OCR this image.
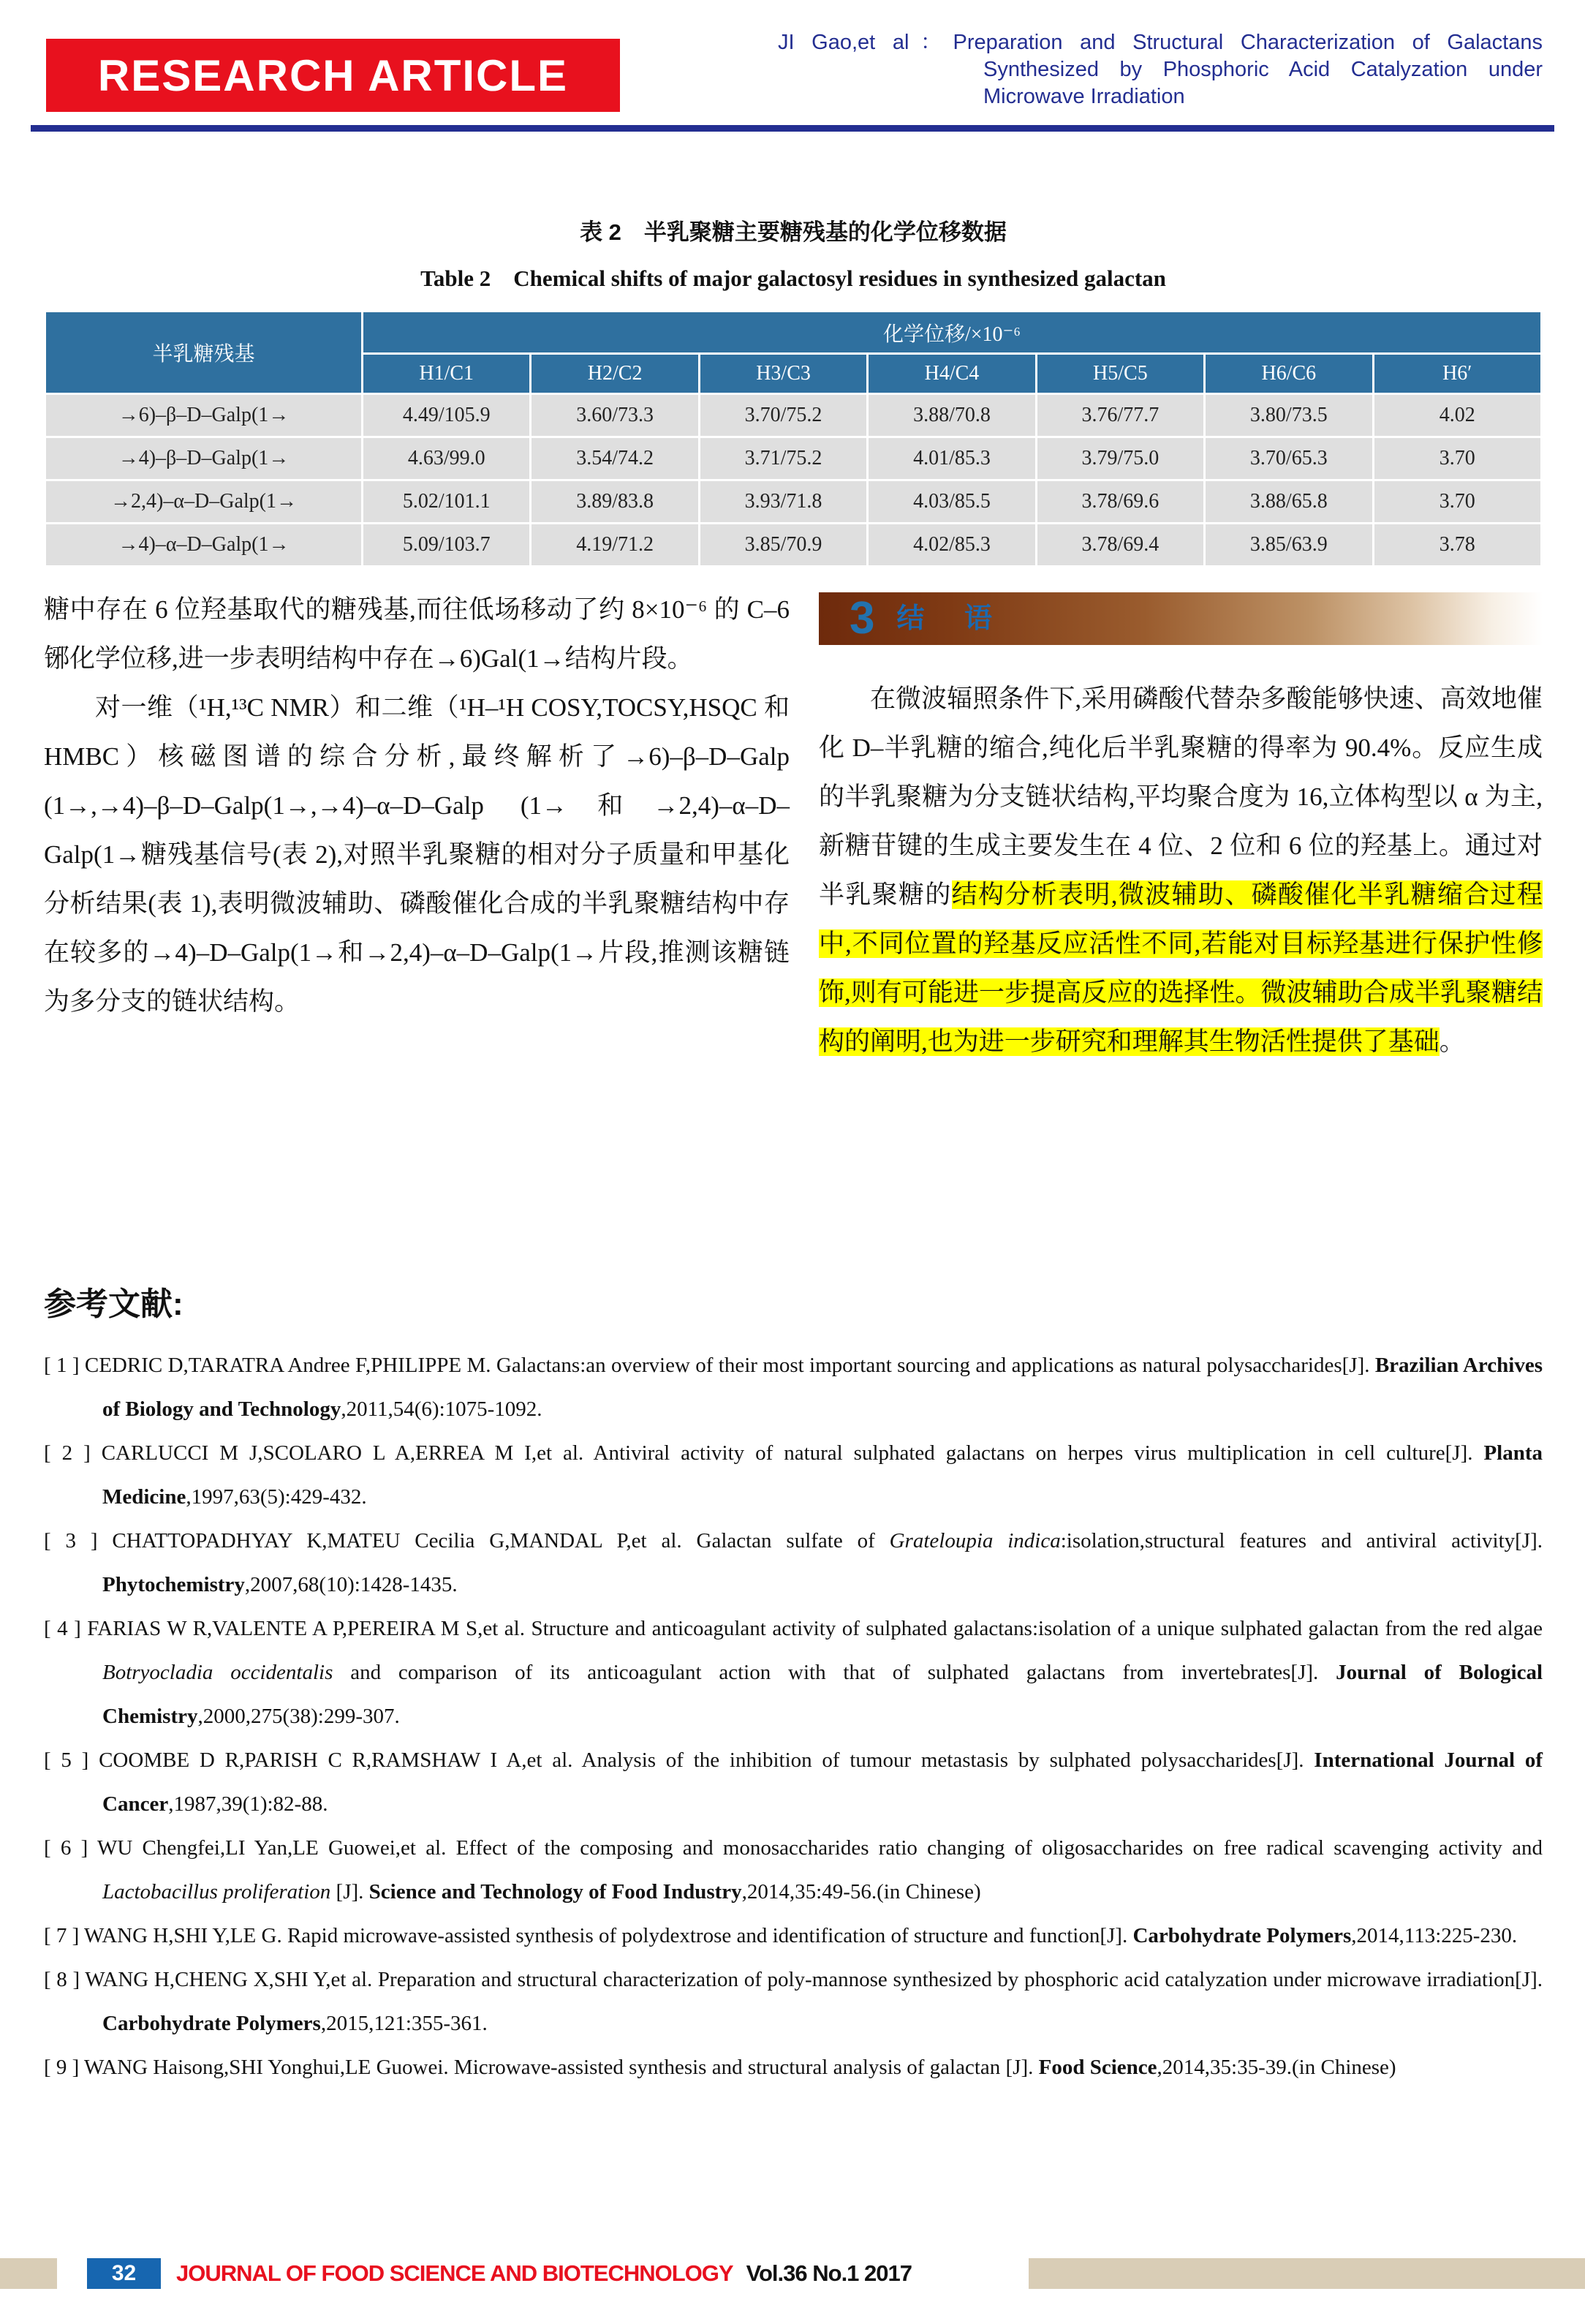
RESEARCH ARTICLE
JI Gao,et al：Preparation and Structural Characterization of Galactans Synthesized by Phosphoric Acid Catalyzation under Microwave Irradiation
表 2　半乳聚糖主要糖残基的化学位移数据
Table 2　Chemical shifts of major galactosyl residues in synthesized galactan
半乳糖残基	化学位移/×10⁻⁶						
	H1/C1	H2/C2	H3/C3	H4/C4	H5/C5	H6/C6	H6′
→6)–β–D–Galp(1→	4.49/105.9	3.60/73.3	3.70/75.2	3.88/70.8	3.76/77.7	3.80/73.5	4.02
→4)–β–D–Galp(1→	4.63/99.0	3.54/74.2	3.71/75.2	4.01/85.3	3.79/75.0	3.70/65.3	3.70
→2,4)–α–D–Galp(1→	5.02/101.1	3.89/83.8	3.93/71.8	4.03/85.5	3.78/69.6	3.88/65.8	3.70
→4)–α–D–Galp(1→	5.09/103.7	4.19/71.2	3.85/70.9	4.02/85.3	3.78/69.4	3.85/63.9	3.78

糖中存在 6 位羟基取代的糖残基,而往低场移动了约 8×10⁻⁶ 的 C–6 铘化学位移,进一步表明结构中存在→6)Gal(1→结构片段。

对一维（¹H,¹³C NMR）和二维（¹H–¹H COSY,TOCSY,HSQC 和 HMBC）核磁图谱的综合分析,最终解析了→6)–β–D–Galp (1→,→4)–β–D–Galp(1→,→4)–α–D–Galp (1→和→2,4)–α–D–Galp(1→糖残基信号(表 2),对照半乳聚糖的相对分子质量和甲基化分析结果(表 1),表明微波辅助、磷酸催化合成的半乳聚糖结构中存在较多的→4)–D–Galp(1→和→2,4)–α–D–Galp(1→片段,推测该糖链为多分支的链状结构。

3 结 语

在微波辐照条件下,采用磷酸代替杂多酸能够快速、高效地催化 D–半乳糖的缩合,纯化后半乳聚糖的得率为 90.4%。反应生成的半乳聚糖为分支链状结构,平均聚合度为 16,立体构型以 α 为主,新糖苷键的生成主要发生在 4 位、2 位和 6 位的羟基上。通过对半乳聚糖的结构分析表明,微波辅助、磷酸催化半乳糖缩合过程中,不同位置的羟基反应活性不同,若能对目标羟基进行保护性修饰,则有可能进一步提高反应的选择性。微波辅助合成半乳聚糖结构的阐明,也为进一步研究和理解其生物活性提供了基础。

参考文献:
[ 1 ] CEDRIC D,TARATRA Andree F,PHILIPPE M. Galactans:an overview of their most important sourcing and applications as natural polysaccharides[J]. Brazilian Archives of Biology and Technology,2011,54(6):1075-1092.
[ 2 ] CARLUCCI M J,SCOLARO L A,ERREA M I,et al. Antiviral activity of natural sulphated galactans on herpes virus multiplication in cell culture[J]. Planta Medicine,1997,63(5):429-432.
[ 3 ] CHATTOPADHYAY K,MATEU Cecilia G,MANDAL P,et al. Galactan sulfate of Grateloupia indica:isolation,structural features and antiviral activity[J]. Phytochemistry,2007,68(10):1428-1435.
[ 4 ] FARIAS W R,VALENTE A P,PEREIRA M S,et al. Structure and anticoagulant activity of sulphated galactans:isolation of a unique sulphated galactan from the red algae Botryocladia occidentalis and comparison of its anticoagulant action with that of sulphated galactans from invertebrates[J]. Journal of Bological Chemistry,2000,275(38):299-307.
[ 5 ] COOMBE D R,PARISH C R,RAMSHAW I A,et al. Analysis of the inhibition of tumour metastasis by sulphated polysaccharides[J]. International Journal of Cancer,1987,39(1):82-88.
[ 6 ] WU Chengfei,LI Yan,LE Guowei,et al. Effect of the composing and monosaccharides ratio changing of oligosaccharides on free radical scavenging activity and Lactobacillus proliferation [J]. Science and Technology of Food Industry,2014,35:49-56.(in Chinese)
[ 7 ] WANG H,SHI Y,LE G. Rapid microwave-assisted synthesis of polydextrose and identification of structure and function[J]. Carbohydrate Polymers,2014,113:225-230.
[ 8 ] WANG H,CHENG X,SHI Y,et al. Preparation and structural characterization of poly-mannose synthesized by phosphoric acid catalyzation under microwave irradiation[J]. Carbohydrate Polymers,2015,121:355-361.
[ 9 ] WANG Haisong,SHI Yonghui,LE Guowei. Microwave-assisted synthesis and structural analysis of galactan [J]. Food Science,2014,35:35-39.(in Chinese)
32	JOURNAL OF FOOD SCIENCE AND BIOTECHNOLOGY Vol.36 No.1 2017
